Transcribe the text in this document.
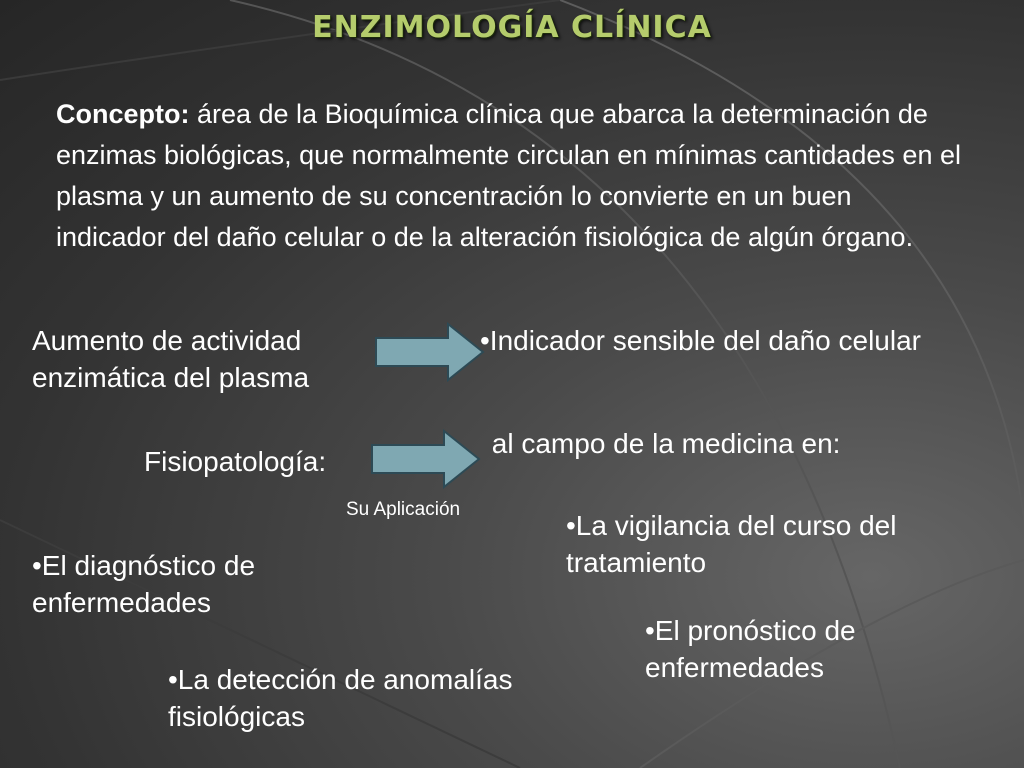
ENZIMOLOGÍA CLÍNICA

Concepto: área de la Bioquímica clínica que abarca la determinación de enzimas biológicas, que normalmente circulan en mínimas cantidades en el plasma y un aumento de su concentración lo convierte en un buen indicador del daño celular o de la alteración fisiológica de algún órgano.

Aumento de actividad enzimática del plasma
•Indicador sensible del daño celular
Fisiopatología:
al campo de la medicina en:
Su Aplicación
•La vigilancia del curso del tratamiento
•El diagnóstico de enfermedades
•El pronóstico de enfermedades
•La detección de anomalías fisiológicas
